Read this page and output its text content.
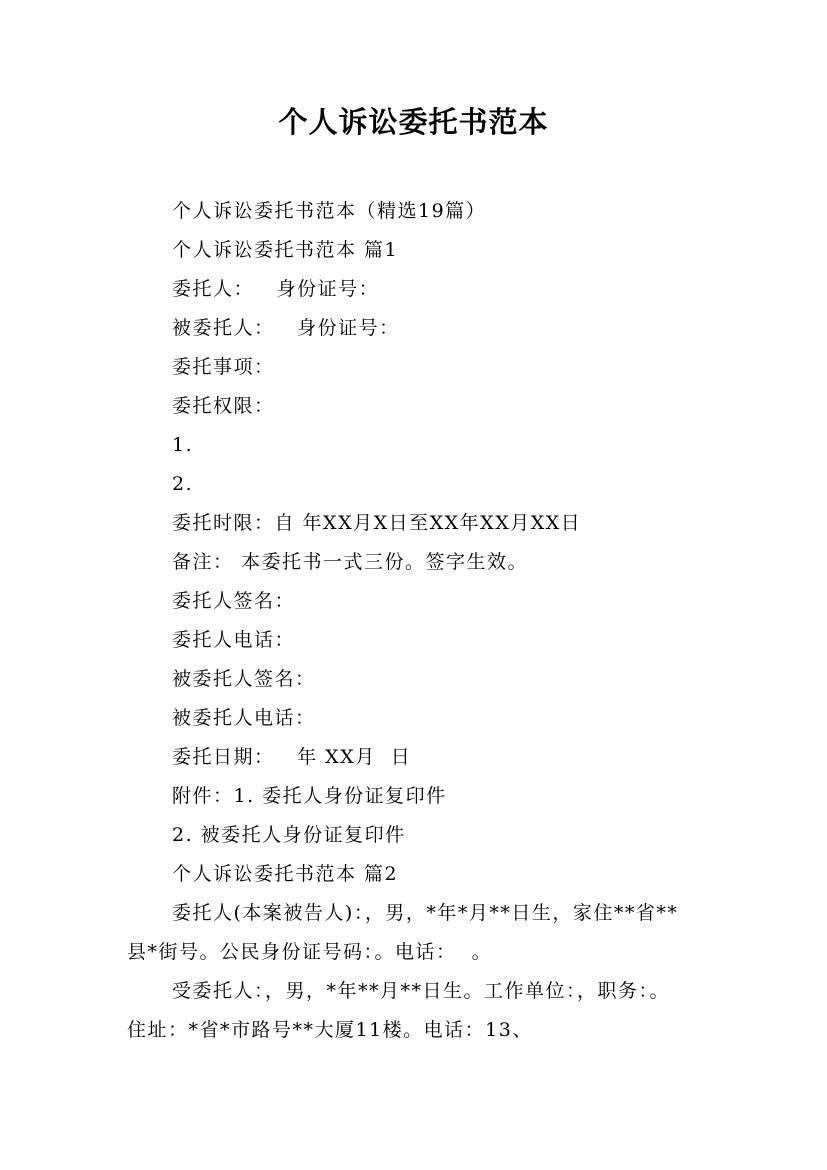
个人诉讼委托书范本
个人诉讼委托书范本（精选19篇）
个人诉讼委托书范本 篇1
委托人：   身份证号：
被委托人：   身份证号：
委托事项：
委托权限：
1.
2.
委托时限：自 年XX月X日至XX年XX月XX日
备注： 本委托书一式三份。签字生效。
委托人签名：
委托人电话：
被委托人签名：
被委托人电话：
委托日期：   年 XX月  日
附件：1. 委托人身份证复印件
2. 被委托人身份证复印件
个人诉讼委托书范本 篇2
委托人(本案被告人)：，男，*年*月**日生，家住**省**
县*街号。公民身份证号码：。电话：  。
受委托人：，男，*年**月**日生。工作单位：，职务：。
住址：*省*市路号**大厦11楼。电话：13、
